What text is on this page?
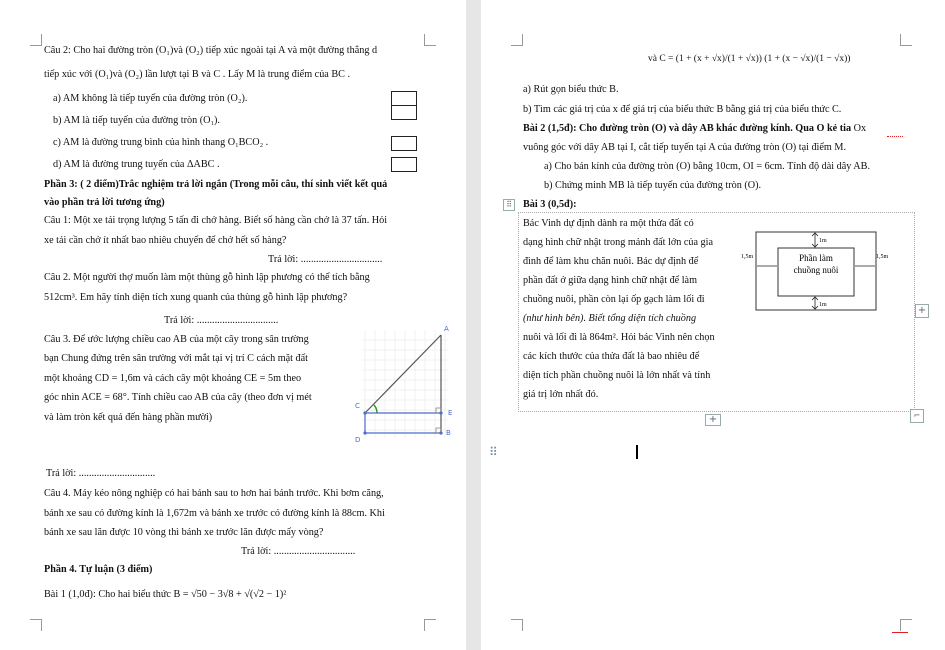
Câu 2: Cho hai đường tròn (O₁)và (O₂) tiếp xúc ngoài tại A và một đường thẳng d
tiếp xúc với (O₁)và (O₂) lần lượt tại B và C . Lấy M là trung điểm của BC .
a) AM không là tiếp tuyến của đường tròn (O₂).
b) AM là tiếp tuyến của đường tròn (O₁).
c) AM là đường trung bình của hình thang O₁BCO₂ .
d) AM là đường trung tuyến của ΔABC .
Phần 3: ( 2 điểm)Trắc nghiệm trả lời ngắn (Trong mỗi câu, thí sinh viết kết quả
vào phần trả lời tương ứng)
Câu 1: Một xe tải trọng lượng 5 tấn đi chở hàng. Biết số hàng cần chở là 37 tấn. Hỏi
xe tải cần chở ít nhất bao nhiêu chuyến để chở hết số hàng?
Trả lời: ................................
Câu 2. Một người thợ muốn làm một thùng gỗ hình lập phương có thể tích bằng
512cm³. Em hãy tính diện tích xung quanh của thùng gỗ hình lập phương?
Trả lời: ................................
Câu 3. Để ước lượng chiều cao AB của một cây trong sân trường
bạn Chung đứng trên sân trường với mắt tại vị trí C cách mặt đất
một khoảng CD = 1,6m và cách cây một khoảng CE = 5m theo
góc nhìn ACE = 68°. Tính chiều cao AB của cây (theo đơn vị mét
và làm tròn kết quả đến hàng phần mười)
A
B
C
D
E
Trả lời: ..............................
Câu 4. Máy kéo nông nghiệp có hai bánh sau to hơn hai bánh trước. Khi bơm căng,
bánh xe sau có đường kính là 1,672m và bánh xe trước có đường kính là 88cm. Khi
bánh xe sau lăn được 10 vòng thì bánh xe trước lăn được mấy vòng?
Trả lời: ................................
Phần 4. Tự luận (3 điểm)
Bài 1 (1,0đ): Cho hai biểu thức B = √50 − 3√8 + √(√2 − 1)²
và C = (1 + (x + √x)/(1 + √x)) (1 + (x − √x)/(1 − √x))
a) Rút gọn biểu thức B.
b) Tìm các giá trị của x để giá trị của biểu thức B bằng giá trị của biểu thức C.
Bài 2 (1,5đ): Cho đường tròn (O) và dây AB khác đường kính. Qua O kẻ tia Ox
vuông góc với dây AB tại I, cắt tiếp tuyến tại A của đường tròn (O) tại điểm M.
a) Cho bán kính của đường tròn (O) bằng 10cm, OI = 6cm. Tính độ dài dây AB.
b) Chứng minh MB là tiếp tuyến của đường tròn (O).
⠿	Bài 3 (0,5đ):
Bác Vinh dự định dành ra một thửa đất có
dạng hình chữ nhật trong mảnh đất lớn của gia
đình để làm khu chăn nuôi. Bác dự định để
phần đất ở giữa dạng hình chữ nhật để làm
chuồng nuôi, phần còn lại ốp gạch làm lối đi
(như hình bên). Biết tổng diện tích chuồng
nuôi và lối đi là 864m². Hỏi bác Vinh nên chọn
các kích thước của thửa đất là bao nhiêu để
diện tích phần chuồng nuôi là lớn nhất và tính
giá trị lớn nhất đó.
1m
1m
1,5m	1,5m
Phần làm
chuồng nuôi
+
+	⌐
⠿
